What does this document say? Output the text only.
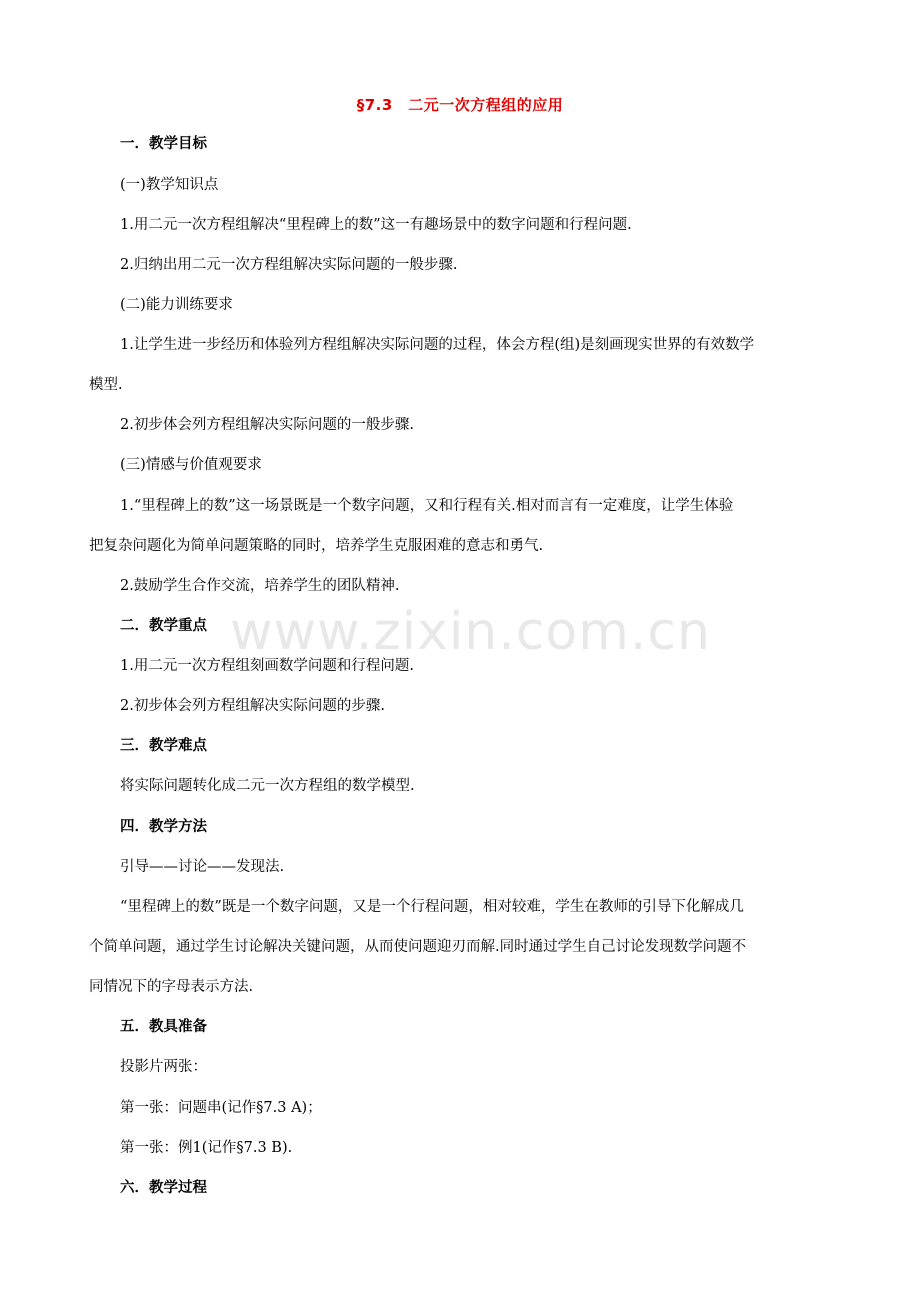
§7.3　二元一次方程组的应用
一．教学目标
(一)教学知识点
1.用二元一次方程组解决“里程碑上的数”这一有趣场景中的数字问题和行程问题.
2.归纳出用二元一次方程组解决实际问题的一般步骤.
(二)能力训练要求
1.让学生进一步经历和体验列方程组解决实际问题的过程，体会方程(组)是刻画现实世界的有效数学
模型.
2.初步体会列方程组解决实际问题的一般步骤.
(三)情感与价值观要求
1.“里程碑上的数”这一场景既是一个数字问题，又和行程有关.相对而言有一定难度，让学生体验
把复杂问题化为简单问题策略的同时，培养学生克服困难的意志和勇气.
2.鼓励学生合作交流，培养学生的团队精神.
二．教学重点
1.用二元一次方程组刻画数学问题和行程问题.
2.初步体会列方程组解决实际问题的步骤.
三．教学难点
将实际问题转化成二元一次方程组的数学模型.
四．教学方法
引导——讨论——发现法.
“里程碑上的数”既是一个数字问题，又是一个行程问题，相对较难，学生在教师的引导下化解成几
个简单问题，通过学生讨论解决关键问题，从而使问题迎刃而解.同时通过学生自己讨论发现数学问题不
同情况下的字母表示方法.
五．教具准备
投影片两张：
第一张：问题串(记作§7.3 A)；
第一张：例1(记作§7.3 B).
六．教学过程
www.zixin.com.cn
